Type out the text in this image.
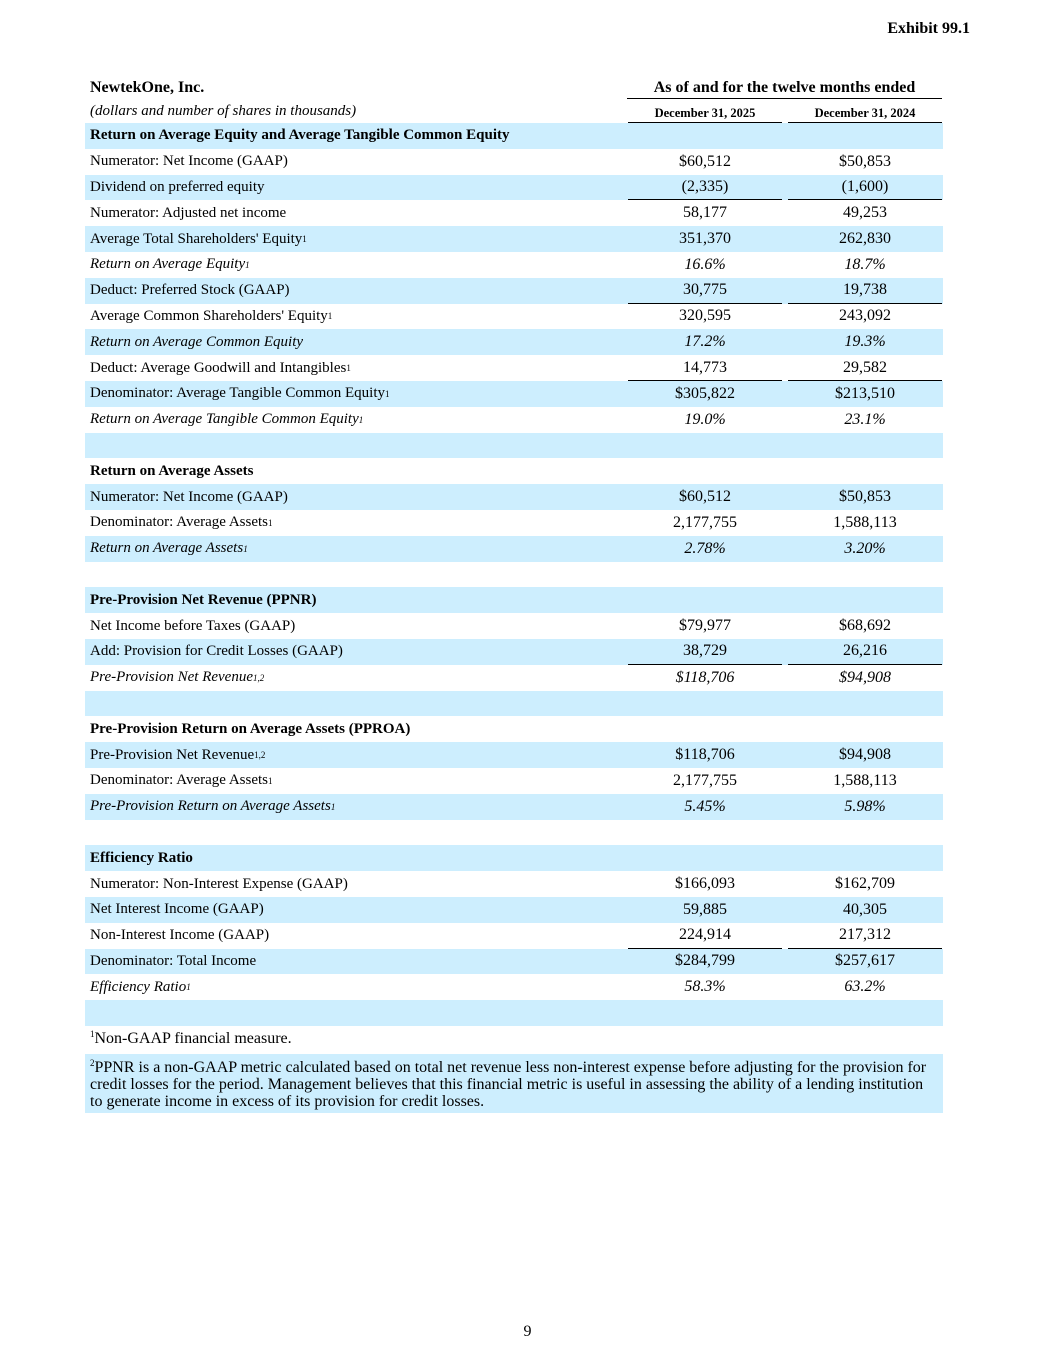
Exhibit 99.1
NewtekOne, Inc.	As of and for the twelve months ended
(dollars and number of shares in thousands)	December 31, 2025	December 31, 2024
Return on Average Equity and Average Tangible Common Equity
Numerator: Net Income (GAAP)	$60,512	$50,853
Dividend on preferred equity	(2,335)	(1,600)
Numerator: Adjusted net income	58,177	49,253
Average Total Shareholders' Equity 1	351,370	262,830
Return on Average Equity 1	16.6%	18.7%
Deduct: Preferred Stock (GAAP)	30,775	19,738
Average Common Shareholders' Equity 1	320,595	243,092
Return on Average Common Equity	17.2%	19.3%
Deduct: Average Goodwill and Intangibles 1	14,773	29,582
Denominator: Average Tangible Common Equity 1	$305,822	$213,510
Return on Average Tangible Common Equity 1	19.0%	23.1%
Return on Average Assets
Numerator: Net Income (GAAP)	$60,512	$50,853
Denominator: Average Assets 1	2,177,755	1,588,113
Return on Average Assets 1	2.78%	3.20%
Pre-Provision Net Revenue (PPNR)
Net Income before Taxes (GAAP)	$79,977	$68,692
Add: Provision for Credit Losses (GAAP)	38,729	26,216
Pre-Provision Net Revenue 1,2	$118,706	$94,908
Pre-Provision Return on Average Assets (PPROA)
Pre-Provision Net Revenue 1,2	$118,706	$94,908
Denominator: Average Assets 1	2,177,755	1,588,113
Pre-Provision Return on Average Assets 1	5.45%	5.98%
Efficiency Ratio
Numerator: Non-Interest Expense (GAAP)	$166,093	$162,709
Net Interest Income (GAAP)	59,885	40,305
Non-Interest Income (GAAP)	224,914	217,312
Denominator: Total Income	$284,799	$257,617
Efficiency Ratio 1	58.3%	63.2%
$^1$Non-GAAP financial measure.
$^2$PPNR is a non-GAAP metric calculated based on total net revenue less non-interest expense before adjusting for the provision for credit losses for the period. Management believes that this financial metric is useful in assessing the ability of a lending institution to generate income in excess of its provision for credit losses.
9
